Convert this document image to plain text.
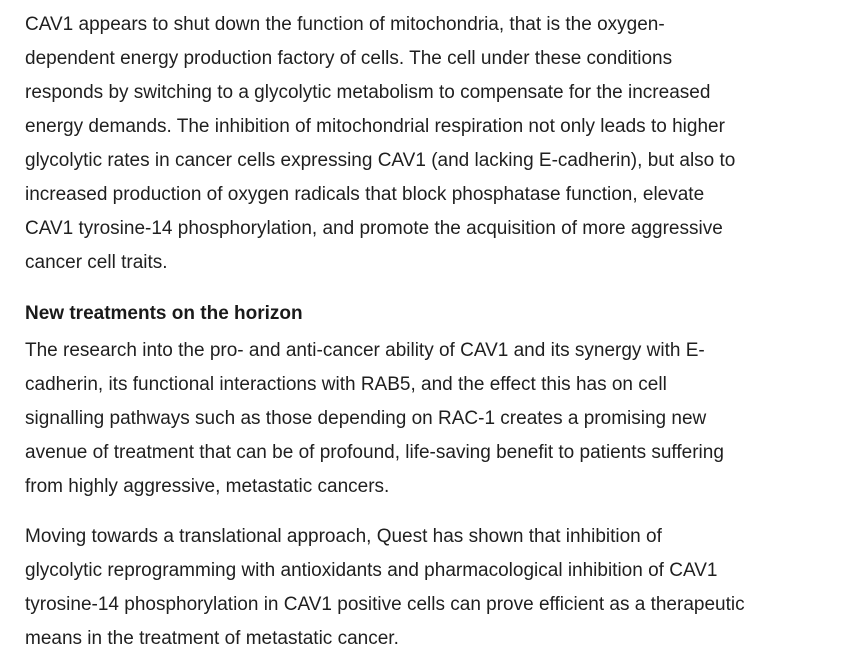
CAV1 appears to shut down the function of mitochondria, that is the oxygen-
dependent energy production factory of cells. The cell under these conditions
responds by switching to a glycolytic metabolism to compensate for the increased
energy demands. The inhibition of mitochondrial respiration not only leads to higher
glycolytic rates in cancer cells expressing CAV1 (and lacking E-cadherin), but also to
increased production of oxygen radicals that block phosphatase function, elevate
CAV1 tyrosine-14 phosphorylation, and promote the acquisition of more aggressive
cancer cell traits.

New treatments on the horizon

The research into the pro- and anti-cancer ability of CAV1 and its synergy with E-
cadherin, its functional interactions with RAB5, and the effect this has on cell
signalling pathways such as those depending on RAC-1 creates a promising new
avenue of treatment that can be of profound, life-saving benefit to patients suffering
from highly aggressive, metastatic cancers.

Moving towards a translational approach, Quest has shown that inhibition of
glycolytic reprogramming with antioxidants and pharmacological inhibition of CAV1
tyrosine-14 phosphorylation in CAV1 positive cells can prove efficient as a therapeutic
means in the treatment of metastatic cancer.
